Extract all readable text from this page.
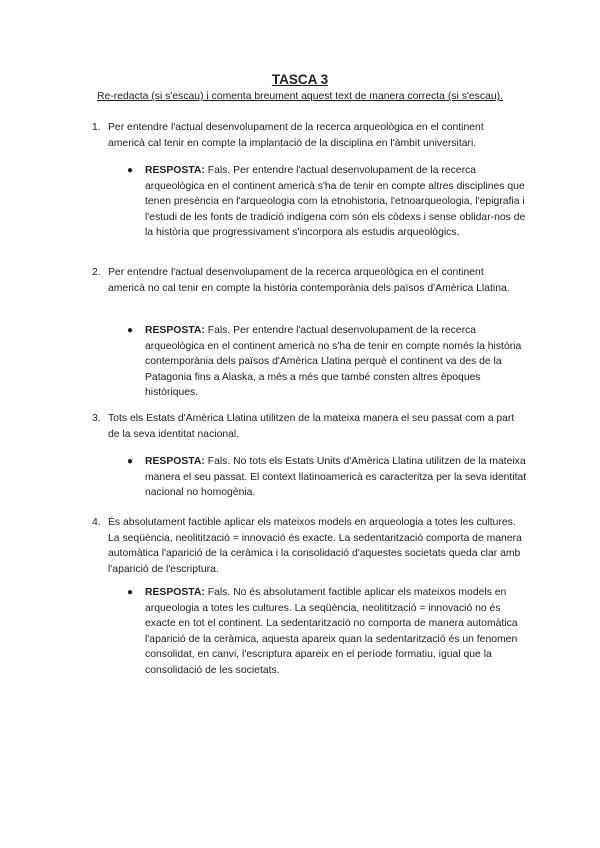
TASCA 3
Re-redacta (si s'escau) i comenta breument aquest text de manera correcta (si s'escau).
1. Per entendre l'actual desenvolupament de la recerca arqueològica en el continent americà cal tenir en compte la implantació de la disciplina en l'àmbit universitari.
● RESPOSTA: Fals. Per entendre l'actual desenvolupament de la recerca arqueològica en el continent americà s'ha de tenir en compte altres disciplines que tenen presència en l'arqueologia com la etnohistoria, l'etnoarqueologia, l'epigrafia i l'estudi de les fonts de tradició indígena com són els còdexs i sense oblidar-nos de la història que progressivament s'incorpora als estudis arqueològics.
2. Per entendre l'actual desenvolupament de la recerca arqueològica en el continent americà no cal tenir en compte la història contemporània dels països d'Amèrica Llatina.
● RESPOSTA: Fals. Per entendre l'actual desenvolupament de la recerca arqueològica en el continent americà no s'ha de tenir en compte només la història contemporània dels països d'Amèrica Llatina perquè el continent va des de la Patagonia fins a Alaska, a més a més que també consten altres èpoques històriques.
3. Tots els Estats d'Amèrica Llatina utilitzen de la mateixa manera el seu passat com a part de la seva identitat nacional.
● RESPOSTA: Fals. No tots els Estats Units d'Amèrica Llatina utilitzen de la mateixa manera el seu passat. El context llatinoamericà es caracteritza per la seva identitat nacional no homogènia.
4. És absolutament factible aplicar els mateixos models en arqueologia a totes les cultures. La seqüència, neolitització = innovació és exacte. La sedentarització comporta de manera automàtica l'aparició de la ceràmica i la consolidació d'aquestes societats queda clar amb l'aparició de l'escriptura.
● RESPOSTA: Fals. No és absolutament factible aplicar els mateixos models en arqueologia a totes les cultures. La seqüència, neolitització = innovació no és exacte en tot el continent. La sedentarització no comporta de manera automàtica l'aparició de la ceràmica, aquesta apareix quan la sedentarització és un fenomen consolidat, en canvi, l'escriptura apareix en el període formatiu, igual que la consolidació de les societats.
